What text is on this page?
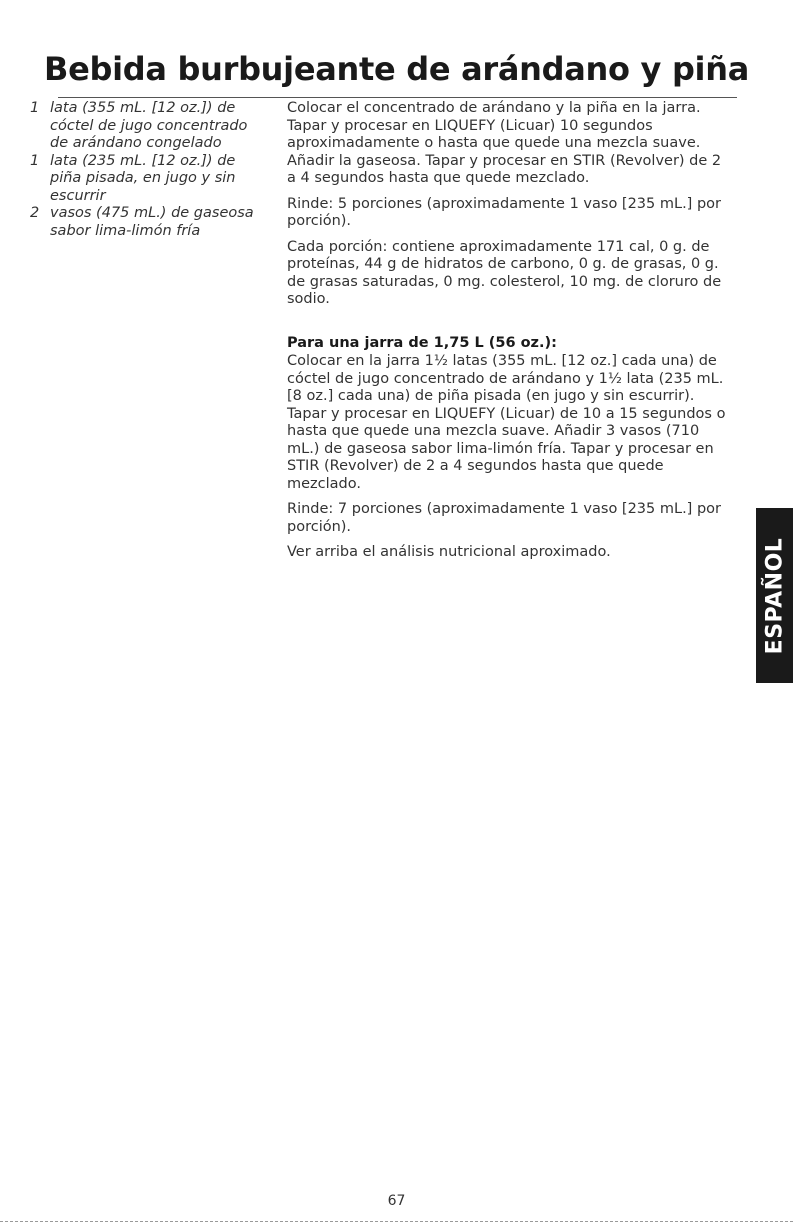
Bebida burbujeante de arándano y piña
1 lata (355 mL. [12 oz.]) de cóctel de jugo concentrado de arándano congelado
1 lata (235 mL. [12 oz.]) de piña pisada, en jugo y sin escurrir
2 vasos (475 mL.) de gaseosa sabor lima-limón fría

Colocar el concentrado de arándano y la piña en la jarra. Tapar y procesar en LIQUEFY (Licuar) 10 segundos aproximadamente o hasta que quede una mezcla suave. Añadir la gaseosa. Tapar y procesar en STIR (Revolver) de 2 a 4 segundos hasta que quede mezclado.

Rinde: 5 porciones (aproximadamente 1 vaso [235 mL.] por porción).

Cada porción: contiene aproximadamente 171 cal, 0 g. de proteínas, 44 g de hidratos de carbono, 0 g. de grasas, 0 g. de grasas saturadas, 0 mg. colesterol, 10 mg. de cloruro de sodio.

Para una jarra de 1,75 L (56 oz.):

Colocar en la jarra 1½ latas (355 mL. [12 oz.] cada una) de cóctel de jugo concentrado de arándano y 1½ lata (235 mL. [8 oz.] cada una) de piña pisada (en jugo y sin escurrir). Tapar y procesar en LIQUEFY (Licuar) de 10 a 15 segundos o hasta que quede una mezcla suave. Añadir 3 vasos (710 mL.) de gaseosa sabor lima-limón fría. Tapar y procesar en STIR (Revolver) de 2 a 4 segundos hasta que quede mezclado.

Rinde: 7 porciones (aproximadamente 1 vaso [235 mL.] por porción).

Ver arriba el análisis nutricional aproximado.	ESPAÑOL
67
